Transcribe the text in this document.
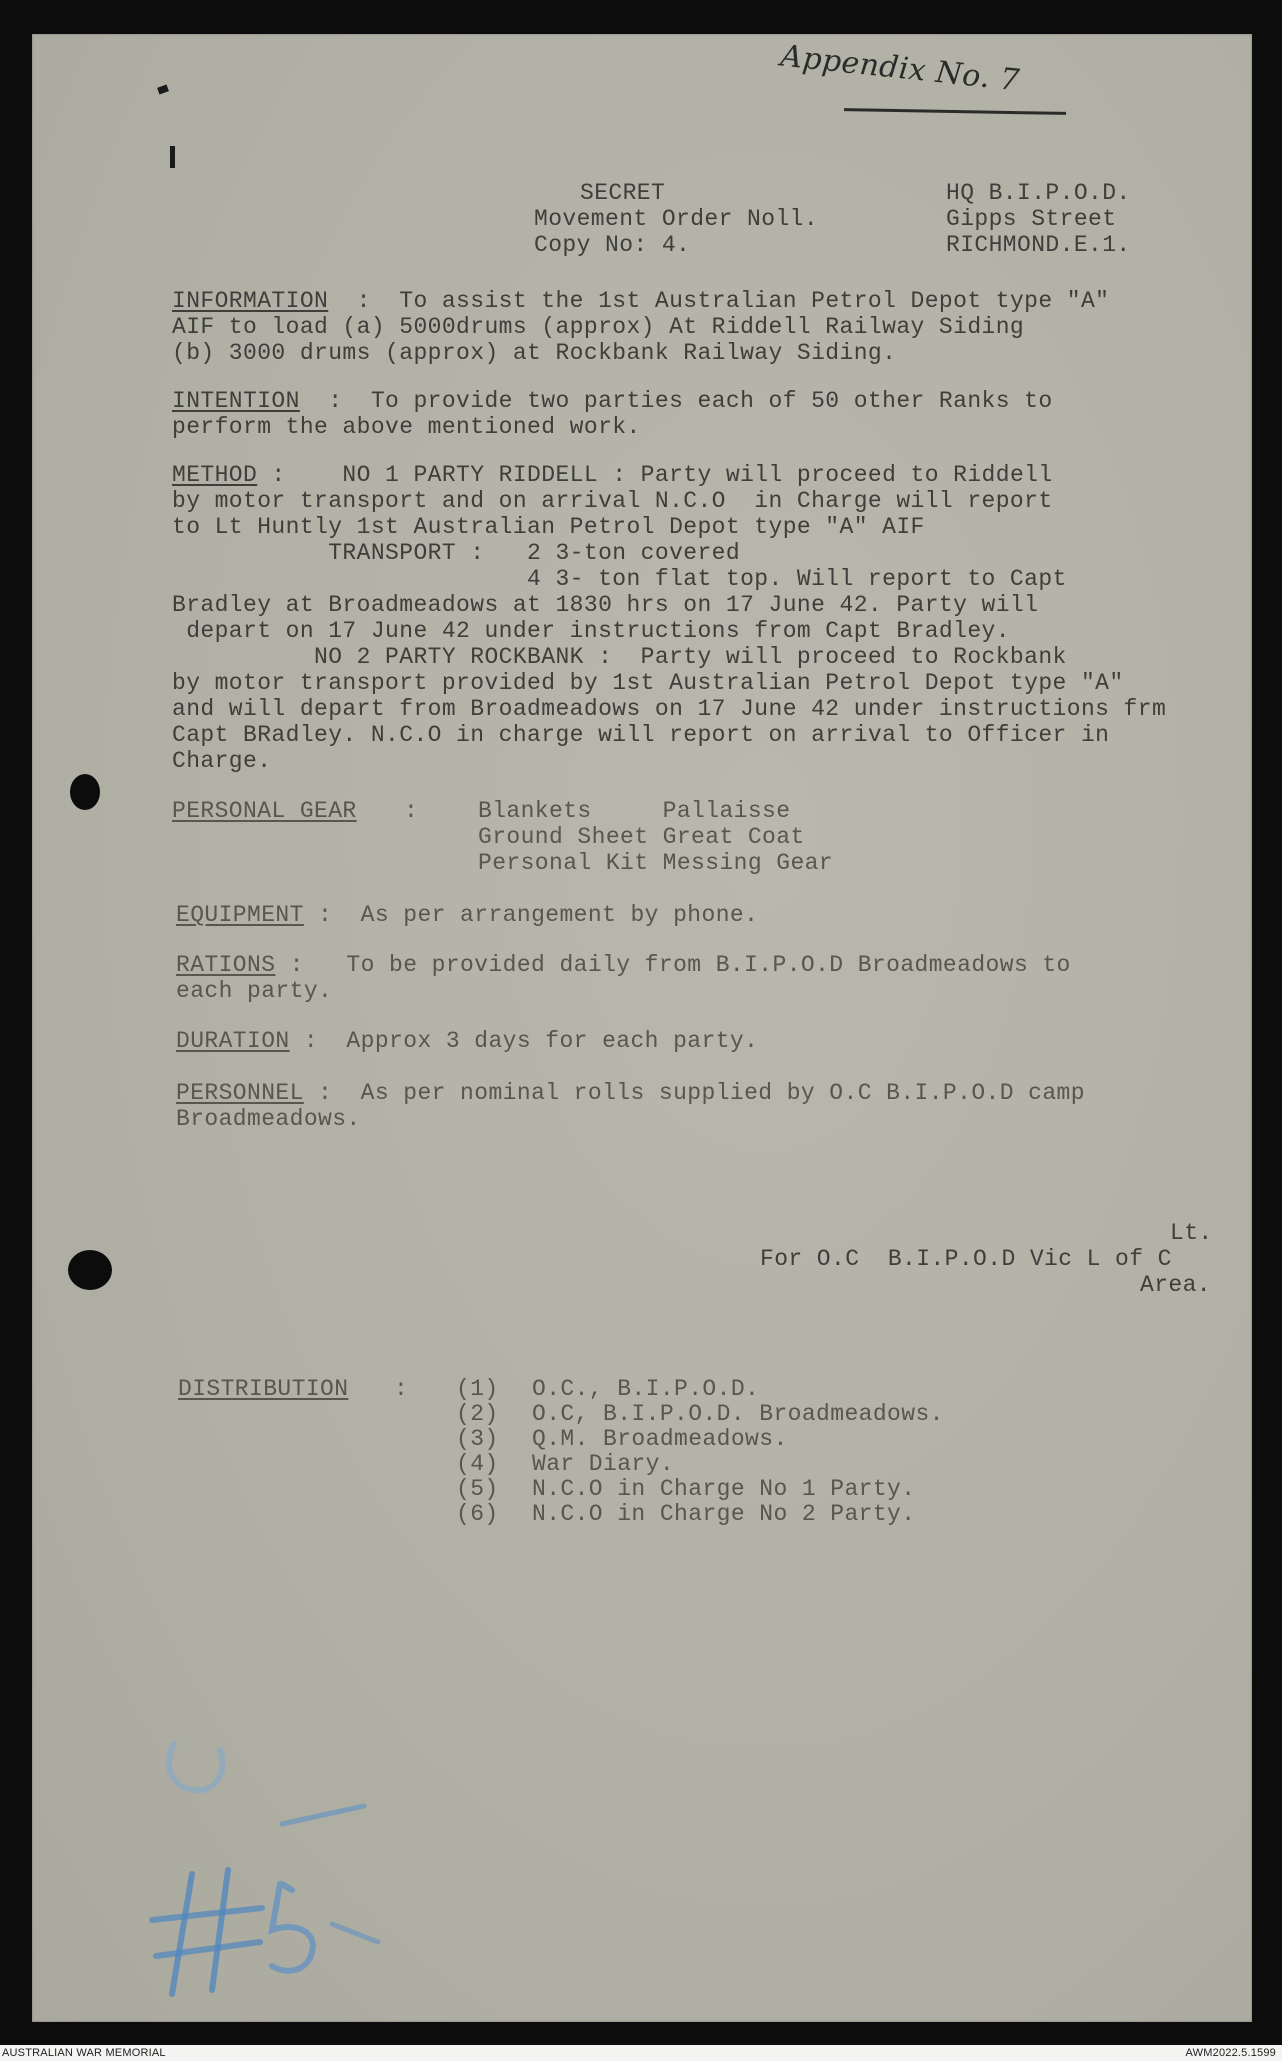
Appendix No. 7
SECRET
Movement Order Noll.
Copy No: 4.
HQ B.I.P.O.D.
Gipps Street
RICHMOND.E.1.
INFORMATION  :  To assist the 1st Australian Petrol Depot type "A"
AIF to load (a) 5000drums (approx) At Riddell Railway Siding
(b) 3000 drums (approx) at Rockbank Railway Siding.
INTENTION  :  To provide two parties each of 50 other Ranks to
perform the above mentioned work.
METHOD :    NO 1 PARTY RIDDELL : Party will proceed to Riddell
by motor transport and on arrival N.C.O  in Charge will report
to Lt Huntly 1st Australian Petrol Depot type "A" AIF
TRANSPORT :   2 3-ton covered
4 3- ton flat top. Will report to Capt
Bradley at Broadmeadows at 1830 hrs on 17 June 42. Party will
depart on 17 June 42 under instructions from Capt Bradley.
NO 2 PARTY ROCKBANK :  Party will proceed to Rockbank
by motor transport provided by 1st Australian Petrol Depot type "A"
and will depart from Broadmeadows on 17 June 42 under instructions frm
Capt BRadley. N.C.O in charge will report on arrival to Officer in
Charge.
PERSONAL GEAR :	Blankets     Pallaisse
Ground Sheet Great Coat
Personal Kit Messing Gear
EQUIPMENT :  As per arrangement by phone.
RATIONS :   To be provided daily from B.I.P.O.D Broadmeadows to
each party.
DURATION :  Approx 3 days for each party.
PERSONNEL :  As per nominal rolls supplied by O.C B.I.P.O.D camp
Broadmeadows.
Lt.
For O.C  B.I.P.O.D Vic L of C
Area.
DISTRIBUTION : (1) O.C., B.I.P.O.D.
(2) O.C, B.I.P.O.D. Broadmeadows.
(3) Q.M. Broadmeadows.
(4) War Diary.
(5) N.C.O in Charge No 1 Party.
(6) N.C.O in Charge No 2 Party.
AUSTRALIAN WAR MEMORIAL	AWM2022.5.1599
